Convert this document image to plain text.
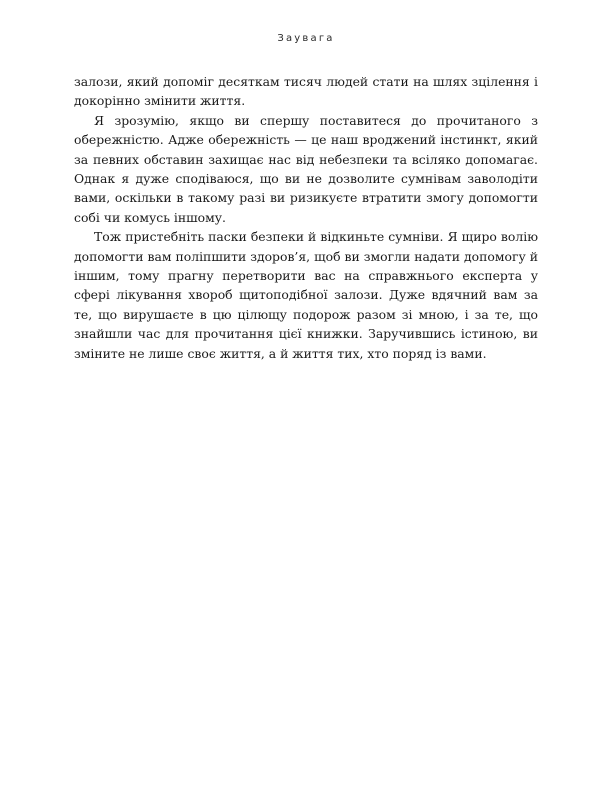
Заувага

залози, який допоміг десяткам тисяч людей стати на шлях зцілення і докорінно змінити життя.

Я зрозумію, якщо ви спершу поставитеся до прочитаного з обережністю. Адже обережність — це наш вроджений інстинкт, який за певних обставин захищає нас від небезпеки та всіляко допомагає. Однак я дуже сподіваюся, що ви не дозволите сумнівам заволодіти вами, оскільки в такому разі ви ризикуєте втратити змогу допомогти собі чи комусь іншому.

Тож пристебніть паски безпеки й відкиньте сумніви. Я щиро волію допомогти вам поліпшити здоров’я, щоб ви змогли надати допомогу й іншим, тому прагну перетворити вас на справжнього експерта у сфері лікування хвороб щитоподібної залози. Дуже вдячний вам за те, що вирушаєте в цю цілющу подорож разом зі мною, і за те, що знайшли час для прочитання цієї книжки. Заручившись істиною, ви зміните не лише своє життя, а й життя тих, хто поряд із вами.
